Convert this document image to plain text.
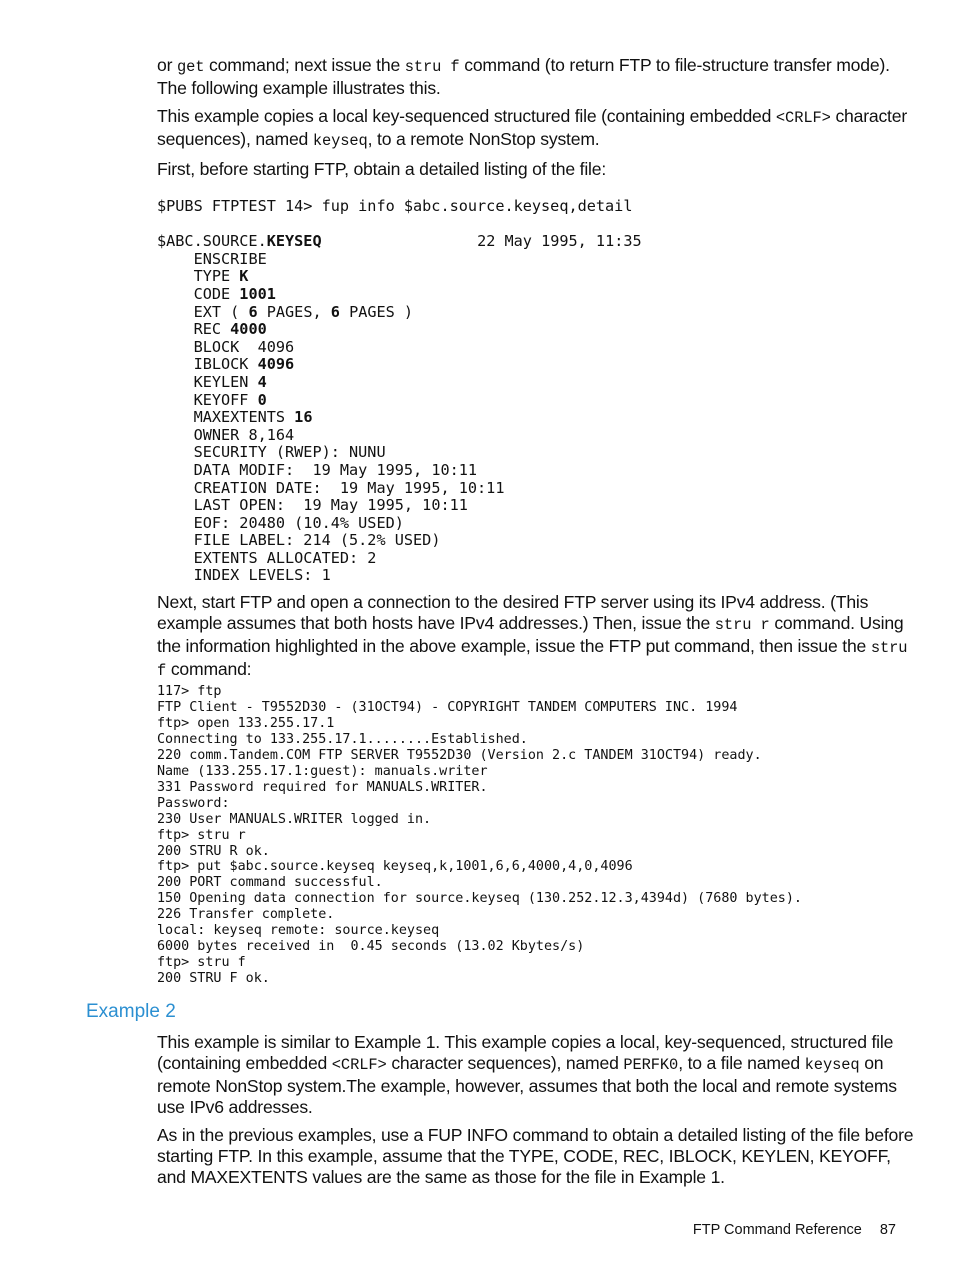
or get command; next issue the stru f command (to return FTP to file-structure transfer mode). The following example illustrates this.

This example copies a local key-sequenced structured file (containing embedded <CRLF> character sequences), named keyseq, to a remote NonStop system.

First, before starting FTP, obtain a detailed listing of the file:

$PUBS FTPTEST 14> fup info $abc.source.keyseq,detail

$ABC.SOURCE.KEYSEQ	22 May 1995, 11:35
ENSCRIBE
TYPE K
CODE 1001
EXT ( 6 PAGES, 6 PAGES )
REC 4000
BLOCK  4096
IBLOCK 4096
KEYLEN 4
KEYOFF 0
MAXEXTENTS 16
OWNER 8,164
SECURITY (RWEP): NUNU
DATA MODIF:  19 May 1995, 10:11
CREATION DATE:  19 May 1995, 10:11
LAST OPEN:  19 May 1995, 10:11
EOF: 20480 (10.4% USED)
FILE LABEL: 214 (5.2% USED)
EXTENTS ALLOCATED: 2
INDEX LEVELS: 1

Next, start FTP and open a connection to the desired FTP server using its IPv4 address. (This example assumes that both hosts have IPv4 addresses.) Then, issue the stru r command. Using the information highlighted in the above example, issue the FTP put command, then issue the stru f command:

117> ftp
FTP Client - T9552D30 - (31OCT94) - COPYRIGHT TANDEM COMPUTERS INC. 1994
ftp> open 133.255.17.1
Connecting to 133.255.17.1........Established.
220 comm.Tandem.COM FTP SERVER T9552D30 (Version 2.c TANDEM 31OCT94) ready.
Name (133.255.17.1:guest): manuals.writer
331 Password required for MANUALS.WRITER.
Password:
230 User MANUALS.WRITER logged in.
ftp> stru r
200 STRU R ok.
ftp> put $abc.source.keyseq keyseq,k,1001,6,6,4000,4,0,4096
200 PORT command successful.
150 Opening data connection for source.keyseq (130.252.12.3,4394d) (7680 bytes).
226 Transfer complete.
local: keyseq remote: source.keyseq
6000 bytes received in  0.45 seconds (13.02 Kbytes/s)
ftp> stru f
200 STRU F ok.
Example 2

This example is similar to Example 1. This example copies a local, key-sequenced, structured file (containing embedded <CRLF> character sequences), named PERFK0, to a file named keyseq on remote NonStop system.The example, however, assumes that both the local and remote systems use IPv6 addresses.

As in the previous examples, use a FUP INFO command to obtain a detailed listing of the file before starting FTP. In this example, assume that the TYPE, CODE, REC, IBLOCK, KEYLEN, KEYOFF, and MAXEXTENTS values are the same as those for the file in Example 1.

FTP Command Reference 87
